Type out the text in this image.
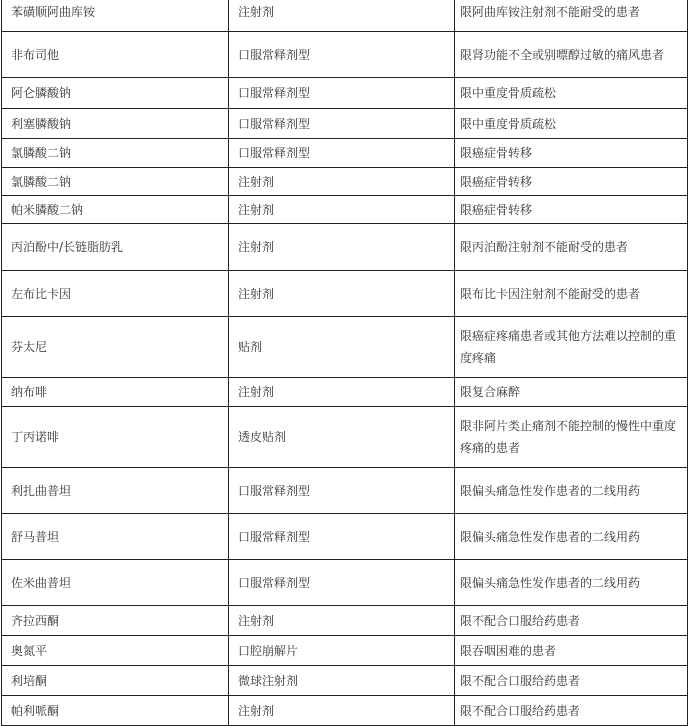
苯磺顺阿曲库铵	注射剂	限阿曲库铵注射剂不能耐受的患者
非布司他	口服常释剂型	限肾功能不全或别嘌醇过敏的痛风患者
阿仑膦酸钠	口服常释剂型	限中重度骨质疏松
利塞膦酸钠	口服常释剂型	限中重度骨质疏松
氯膦酸二钠	口服常释剂型	限癌症骨转移
氯膦酸二钠	注射剂	限癌症骨转移
帕米膦酸二钠	注射剂	限癌症骨转移
丙泊酚中/长链脂肪乳	注射剂	限丙泊酚注射剂不能耐受的患者
左布比卡因	注射剂	限布比卡因注射剂不能耐受的患者
芬太尼	贴剂	限癌症疼痛患者或其他方法难以控制的重度疼痛
纳布啡	注射剂	限复合麻醉
丁丙诺啡	透皮贴剂	限非阿片类止痛剂不能控制的慢性中重度疼痛的患者
利扎曲普坦	口服常释剂型	限偏头痛急性发作患者的二线用药
舒马普坦	口服常释剂型	限偏头痛急性发作患者的二线用药
佐米曲普坦	口服常释剂型	限偏头痛急性发作患者的二线用药
齐拉西酮	注射剂	限不配合口服给药患者
奥氮平	口腔崩解片	限吞咽困难的患者
利培酮	微球注射剂	限不配合口服给药患者
帕利哌酮	注射剂	限不配合口服给药患者
